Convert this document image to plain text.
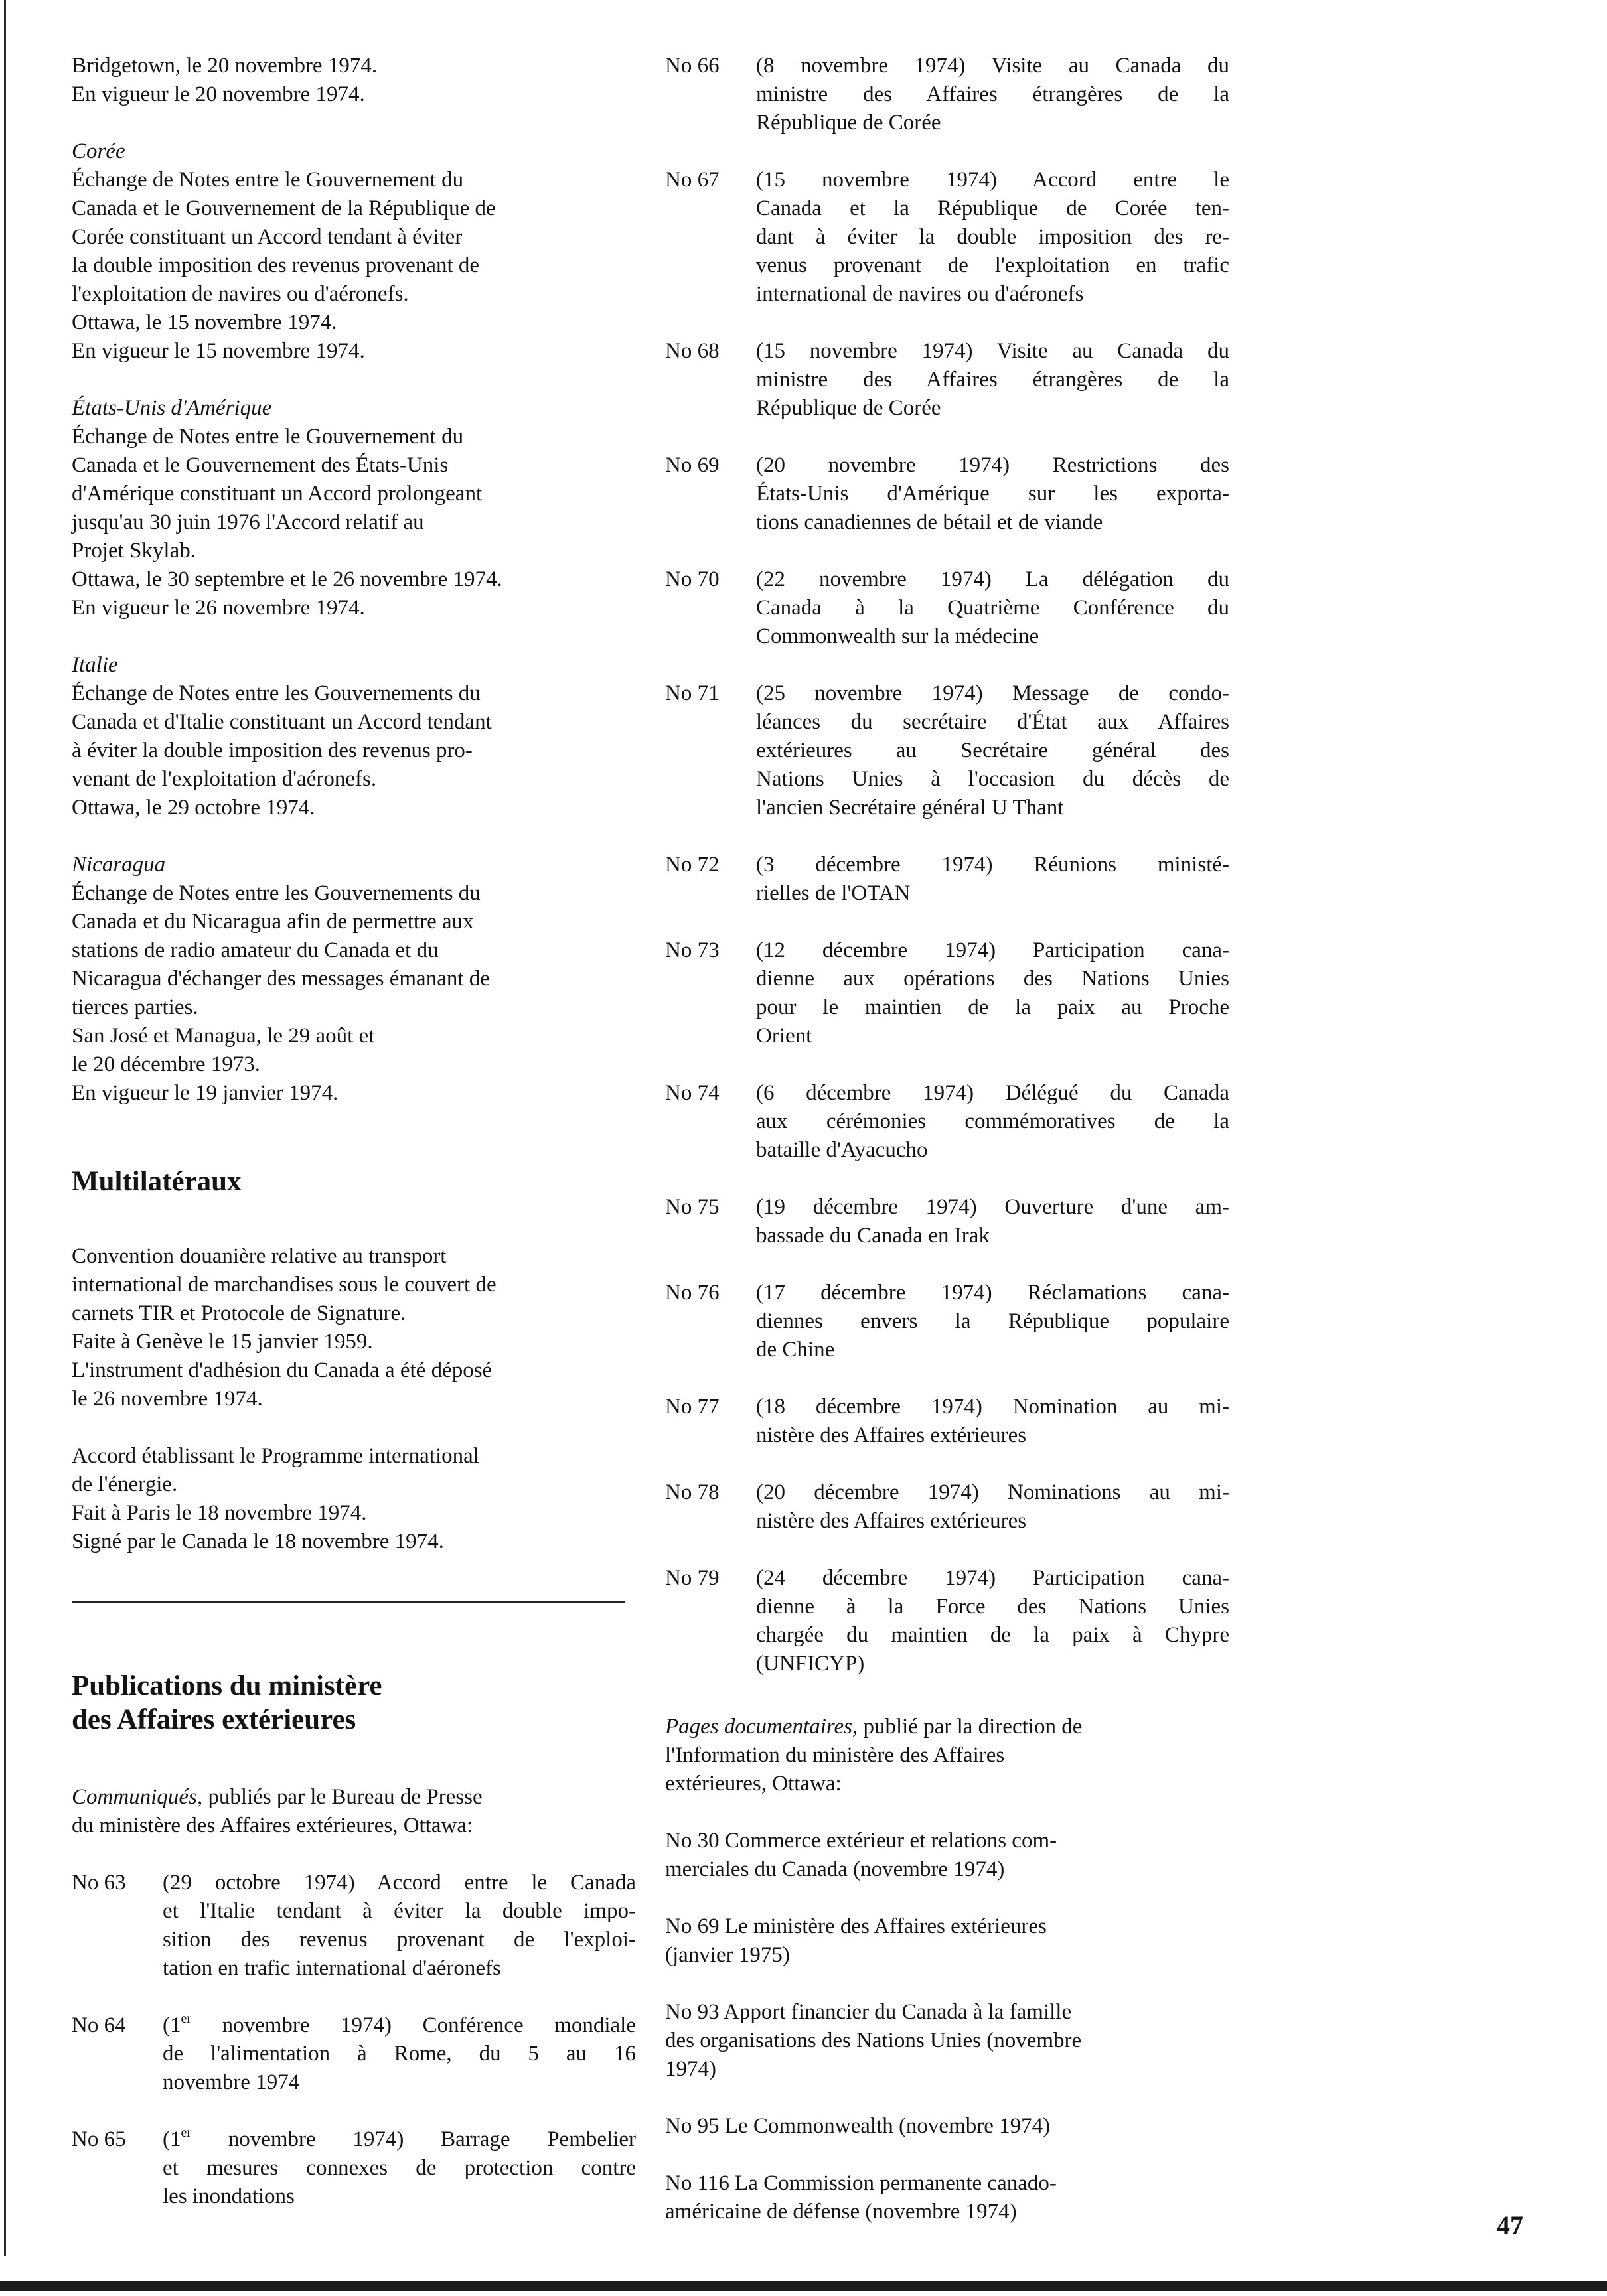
Bridgetown, le 20 novembre 1974.
En vigueur le 20 novembre 1974.
Corée
Échange de Notes entre le Gouvernement du
Canada et le Gouvernement de la République de
Corée constituant un Accord tendant à éviter
la double imposition des revenus provenant de
l'exploitation de navires ou d'aéronefs.
Ottawa, le 15 novembre 1974.
En vigueur le 15 novembre 1974.
États-Unis d'Amérique
Échange de Notes entre le Gouvernement du
Canada et le Gouvernement des États-Unis
d'Amérique constituant un Accord prolongeant
jusqu'au 30 juin 1976 l'Accord relatif au
Projet Skylab.
Ottawa, le 30 septembre et le 26 novembre 1974.
En vigueur le 26 novembre 1974.
Italie
Échange de Notes entre les Gouvernements du
Canada et d'Italie constituant un Accord tendant
à éviter la double imposition des revenus pro-
venant de l'exploitation d'aéronefs.
Ottawa, le 29 octobre 1974.
Nicaragua
Échange de Notes entre les Gouvernements du
Canada et du Nicaragua afin de permettre aux
stations de radio amateur du Canada et du
Nicaragua d'échanger des messages émanant de
tierces parties.
San José et Managua, le 29 août et
le 20 décembre 1973.
En vigueur le 19 janvier 1974.
Multilatéraux
Convention douanière relative au transport
international de marchandises sous le couvert de
carnets TIR et Protocole de Signature.
Faite à Genève le 15 janvier 1959.
L'instrument d'adhésion du Canada a été déposé
le 26 novembre 1974.
Accord établissant le Programme international
de l'énergie.
Fait à Paris le 18 novembre 1974.
Signé par le Canada le 18 novembre 1974.
Publications du ministère
des Affaires extérieures
Communiqués, publiés par le Bureau de Presse
du ministère des Affaires extérieures, Ottawa:
No 63	(29 octobre 1974) Accord entre le Canada
et l'Italie tendant à éviter la double impo-
sition des revenus provenant de l'exploi-
tation en trafic international d'aéronefs
No 64	(1er novembre 1974) Conférence mondiale
de l'alimentation à Rome, du 5 au 16
novembre 1974
No 65	(1er novembre 1974) Barrage Pembelier
et mesures connexes de protection contre
les inondations
No 66	(8 novembre 1974) Visite au Canada du
ministre des Affaires étrangères de la
République de Corée
No 67	(15 novembre 1974) Accord entre le
Canada et la République de Corée ten-
dant à éviter la double imposition des re-
venus provenant de l'exploitation en trafic
international de navires ou d'aéronefs
No 68	(15 novembre 1974) Visite au Canada du
ministre des Affaires étrangères de la
République de Corée
No 69	(20 novembre 1974) Restrictions des
États-Unis d'Amérique sur les exporta-
tions canadiennes de bétail et de viande
No 70	(22 novembre 1974) La délégation du
Canada à la Quatrième Conférence du
Commonwealth sur la médecine
No 71	(25 novembre 1974) Message de condo-
léances du secrétaire d'État aux Affaires
extérieures au Secrétaire général des
Nations Unies à l'occasion du décès de
l'ancien Secrétaire général U Thant
No 72	(3 décembre 1974) Réunions ministé-
rielles de l'OTAN
No 73	(12 décembre 1974) Participation cana-
dienne aux opérations des Nations Unies
pour le maintien de la paix au Proche
Orient
No 74	(6 décembre 1974) Délégué du Canada
aux cérémonies commémoratives de la
bataille d'Ayacucho
No 75	(19 décembre 1974) Ouverture d'une am-
bassade du Canada en Irak
No 76	(17 décembre 1974) Réclamations cana-
diennes envers la République populaire
de Chine
No 77	(18 décembre 1974) Nomination au mi-
nistère des Affaires extérieures
No 78	(20 décembre 1974) Nominations au mi-
nistère des Affaires extérieures
No 79	(24 décembre 1974) Participation cana-
dienne à la Force des Nations Unies
chargée du maintien de la paix à Chypre
(UNFICYP)
Pages documentaires, publié par la direction de
l'Information du ministère des Affaires
extérieures, Ottawa:
No 30 Commerce extérieur et relations com-
merciales du Canada (novembre 1974)
No 69 Le ministère des Affaires extérieures
(janvier 1975)
No 93 Apport financier du Canada à la famille
des organisations des Nations Unies (novembre
1974)
No 95 Le Commonwealth (novembre 1974)
No 116 La Commission permanente canado-
américaine de défense (novembre 1974)	47
